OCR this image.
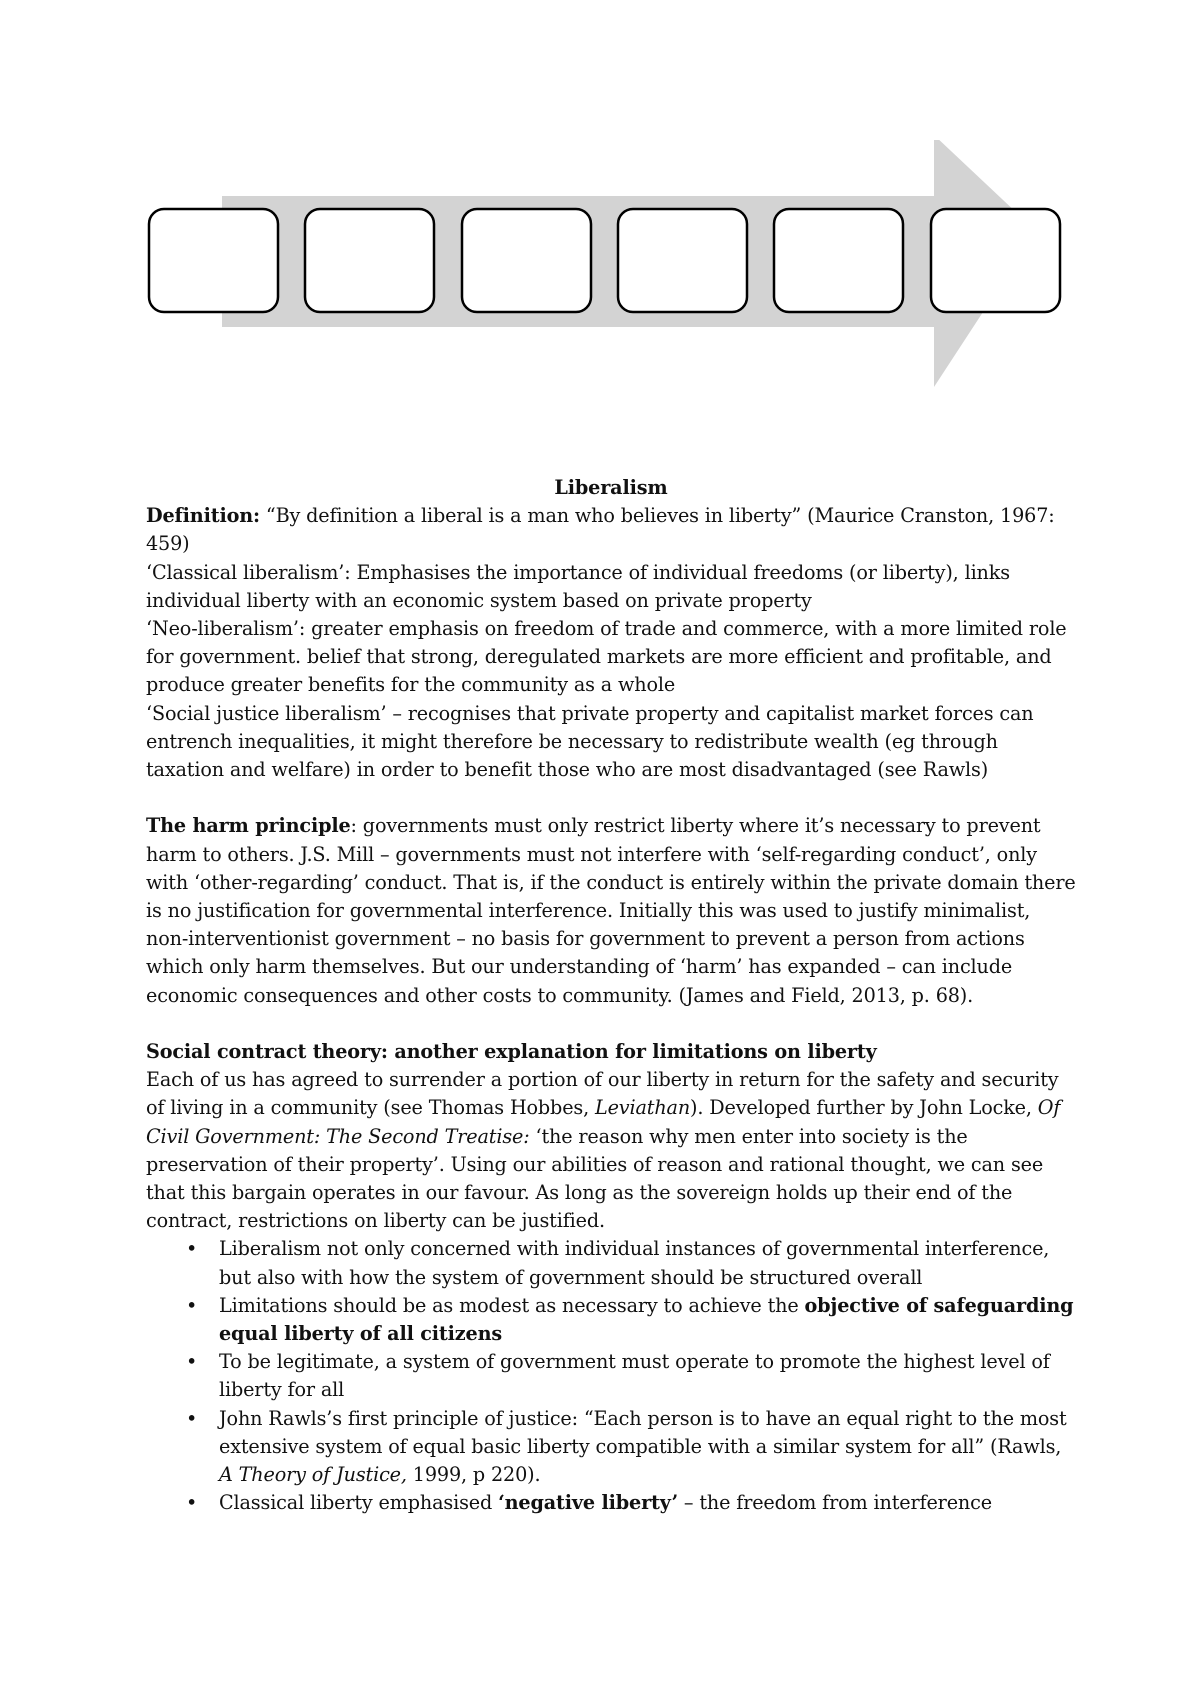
Liberalism

Definition: “By definition a liberal is a man who believes in liberty” (Maurice Cranston, 1967: 459)

‘Classical liberalism’: Emphasises the importance of individual freedoms (or liberty), links individual liberty with an economic system based on private property

‘Neo-liberalism’: greater emphasis on freedom of trade and commerce, with a more limited role for government. belief that strong, deregulated markets are more efficient and profitable, and produce greater benefits for the community as a whole

‘Social justice liberalism’ – recognises that private property and capitalist market forces can entrench inequalities, it might therefore be necessary to redistribute wealth (eg through taxation and welfare) in order to benefit those who are most disadvantaged (see Rawls)

The harm principle: governments must only restrict liberty where it’s necessary to prevent harm to others. J.S. Mill – governments must not interfere with ‘self-regarding conduct’, only with ‘other-regarding’ conduct. That is, if the conduct is entirely within the private domain there is no justification for governmental interference. Initially this was used to justify minimalist, non-interventionist government – no basis for government to prevent a person from actions which only harm themselves. But our understanding of ‘harm’ has expanded – can include economic consequences and other costs to community. (James and Field, 2013, p. 68).

Social contract theory: another explanation for limitations on liberty

Each of us has agreed to surrender a portion of our liberty in return for the safety and security of living in a community (see Thomas Hobbes, Leviathan). Developed further by John Locke, Of Civil Government: The Second Treatise: ‘the reason why men enter into society is the preservation of their property’. Using our abilities of reason and rational thought, we can see that this bargain operates in our favour. As long as the sovereign holds up their end of the contract, restrictions on liberty can be justified.

• Liberalism not only concerned with individual instances of governmental interference, but also with how the system of government should be structured overall
• Limitations should be as modest as necessary to achieve the objective of safeguarding equal liberty of all citizens
• To be legitimate, a system of government must operate to promote the highest level of liberty for all
• John Rawls’s first principle of justice: “Each person is to have an equal right to the most extensive system of equal basic liberty compatible with a similar system for all” (Rawls, A Theory of Justice, 1999, p 220).
• Classical liberty emphasised ‘negative liberty’ – the freedom from interference
